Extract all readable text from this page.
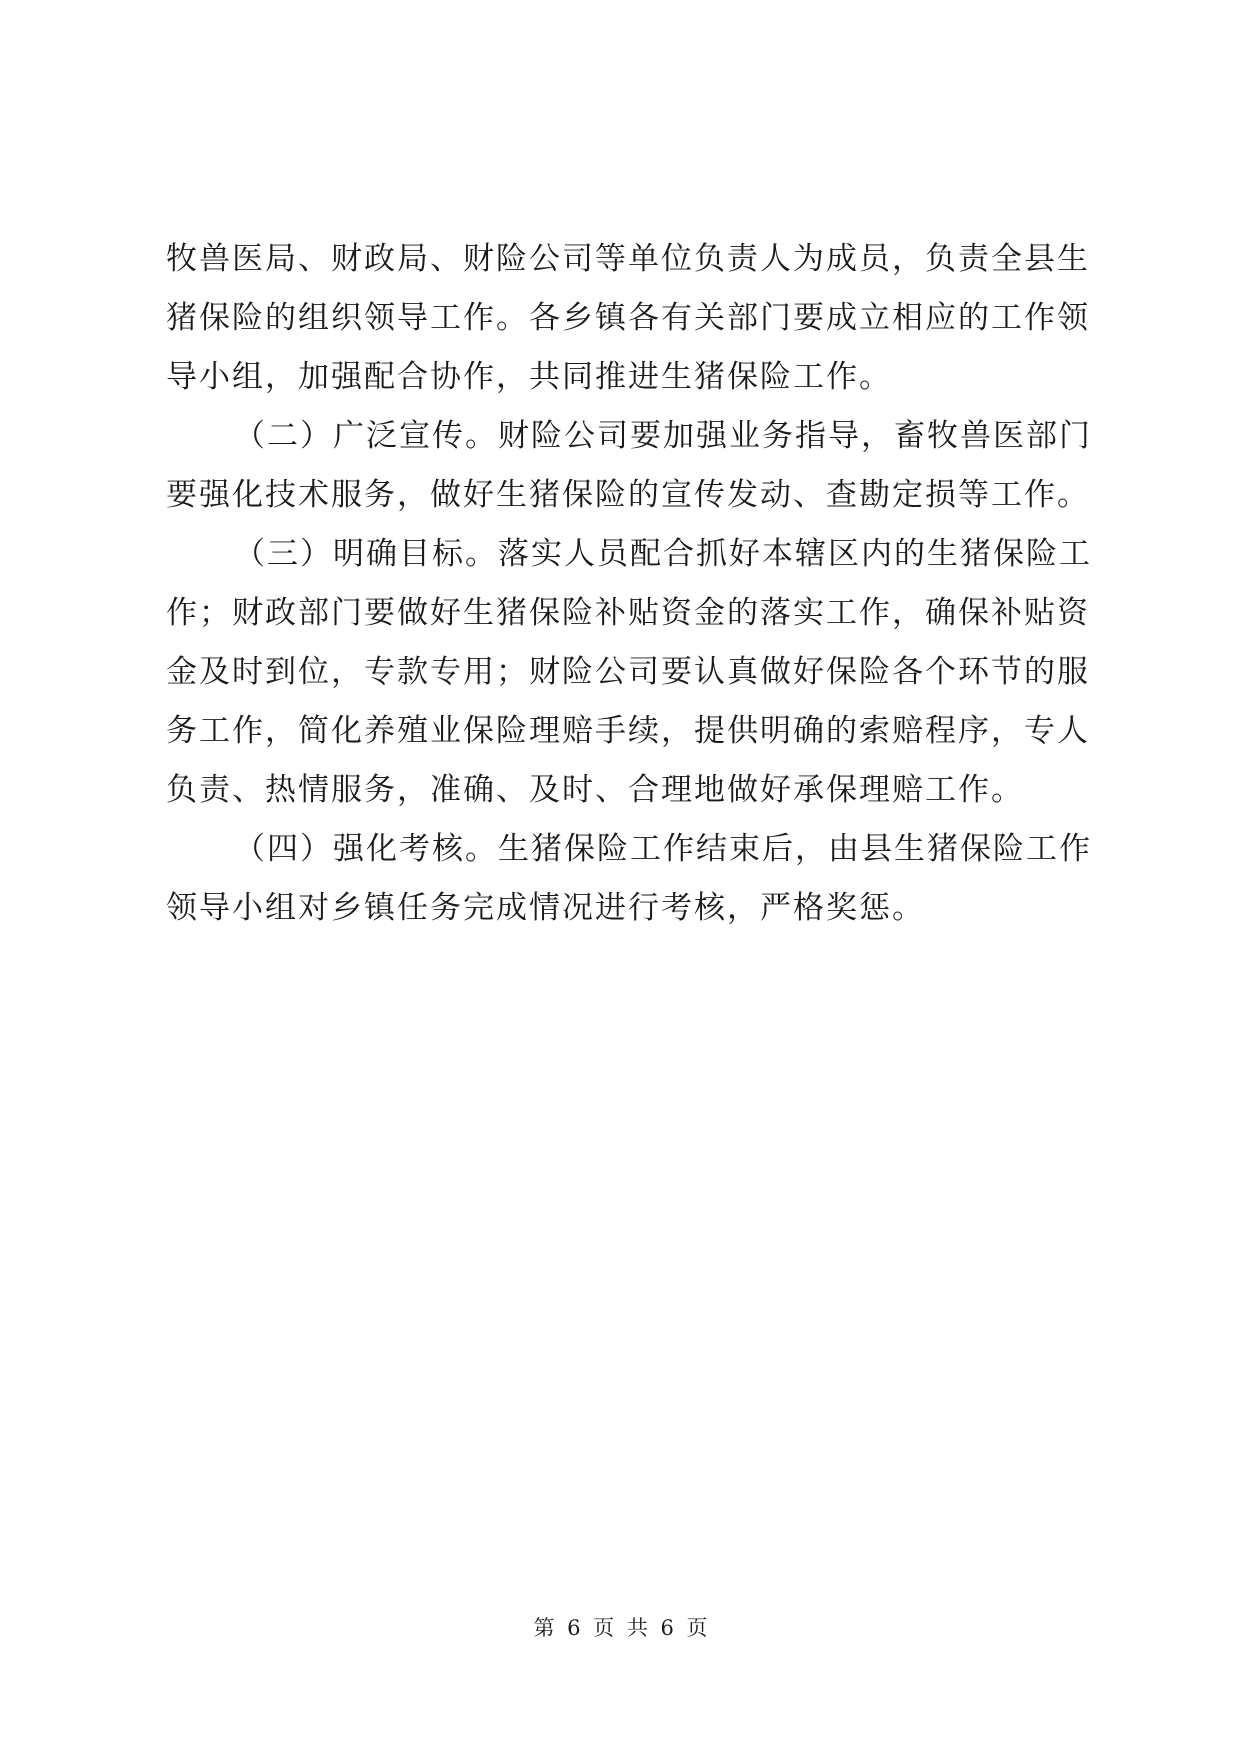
牧兽医局、财政局、财险公司等单位负责人为成员，负责全县生
猪保险的组织领导工作。各乡镇各有关部门要成立相应的工作领
导小组，加强配合协作，共同推进生猪保险工作。
（二）广泛宣传。财险公司要加强业务指导，畜牧兽医部门
要强化技术服务，做好生猪保险的宣传发动、查勘定损等工作。
（三）明确目标。落实人员配合抓好本辖区内的生猪保险工
作；财政部门要做好生猪保险补贴资金的落实工作，确保补贴资
金及时到位，专款专用；财险公司要认真做好保险各个环节的服
务工作，简化养殖业保险理赔手续，提供明确的索赔程序，专人
负责、热情服务，准确、及时、合理地做好承保理赔工作。
（四）强化考核。生猪保险工作结束后，由县生猪保险工作
领导小组对乡镇任务完成情况进行考核，严格奖惩。
第 6 页 共 6 页
